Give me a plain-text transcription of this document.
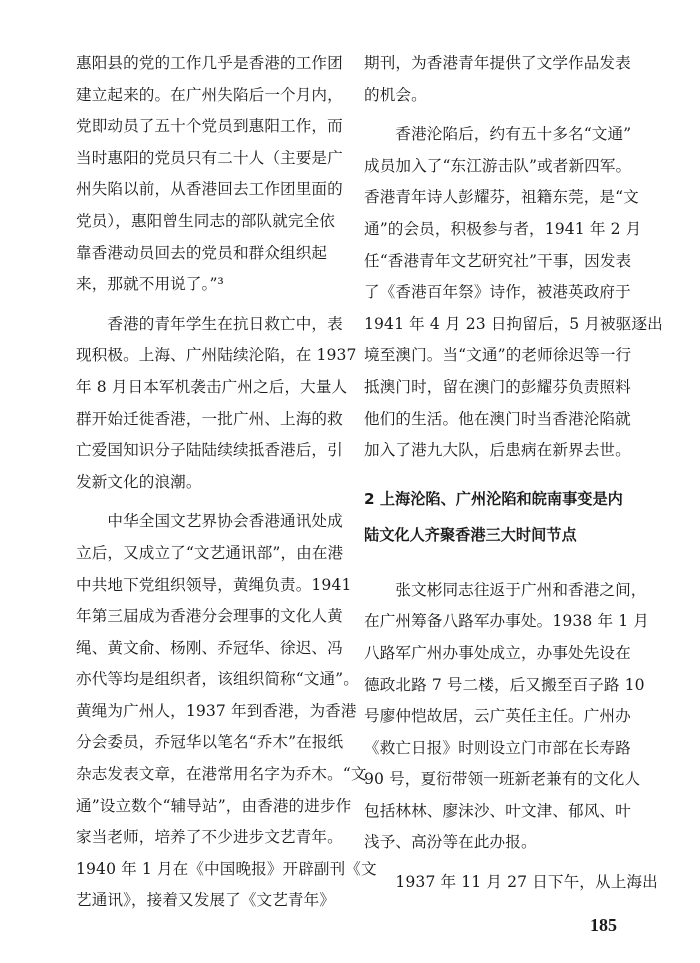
惠阳县的党的工作几乎是香港的工作团
建立起来的。在广州失陷后一个月内，
党即动员了五十个党员到惠阳工作，而
当时惠阳的党员只有二十人（主要是广
州失陷以前，从香港回去工作团里面的
党员），惠阳曾生同志的部队就完全依
靠香港动员回去的党员和群众组织起
来，那就不用说了。”³

　　香港的青年学生在抗日救亡中，表
现积极。上海、广州陆续沦陷，在 1937
年 8 月日本军机袭击广州之后，大量人
群开始迁徙香港，一批广州、上海的救
亡爱国知识分子陆陆续续抵香港后，引
发新文化的浪潮。

　　中华全国文艺界协会香港通讯处成
立后，又成立了“文艺通讯部”，由在港
中共地下党组织领导，黄绳负责。1941
年第三届成为香港分会理事的文化人黄
绳、黄文俞、杨刚、乔冠华、徐迟、冯
亦代等均是组织者，该组织简称“文通”。
黄绳为广州人，1937 年到香港，为香港
分会委员，乔冠华以笔名“乔木”在报纸
杂志发表文章，在港常用名字为乔木。“文
通”设立数个“辅导站”，由香港的进步作
家当老师，培养了不少进步文艺青年。
1940 年 1 月在《中国晚报》开辟副刊《文
艺通讯》，接着又发展了《文艺青年》

期刊，为香港青年提供了文学作品发表
的机会。

　　香港沦陷后，约有五十多名“文通”
成员加入了“东江游击队”或者新四军。
香港青年诗人彭耀芬，祖籍东莞，是“文
通”的会员，积极参与者，1941 年 2 月
任“香港青年文艺研究社”干事，因发表
了《香港百年祭》诗作，被港英政府于
1941 年 4 月 23 日拘留后，5 月被驱逐出
境至澳门。当“文通”的老师徐迟等一行
抵澳门时，留在澳门的彭耀芬负责照料
他们的生活。他在澳门时当香港沦陷就
加入了港九大队，后患病在新界去世。

2 上海沦陷、广州沦陷和皖南事变是内
陆文化人齐聚香港三大时间节点

　　张文彬同志往返于广州和香港之间，
在广州筹备八路军办事处。1938 年 1 月
八路军广州办事处成立，办事处先设在
德政北路 7 号二楼，后又搬至百子路 10
号廖仲恺故居，云广英任主任。广州办
《救亡日报》时则设立门市部在长寿路
90 号，夏衍带领一班新老兼有的文化人
包括林林、廖沫沙、叶文津、郁风、叶
浅予、高汾等在此办报。

　　1937 年 11 月 27 日下午，从上海出

185
